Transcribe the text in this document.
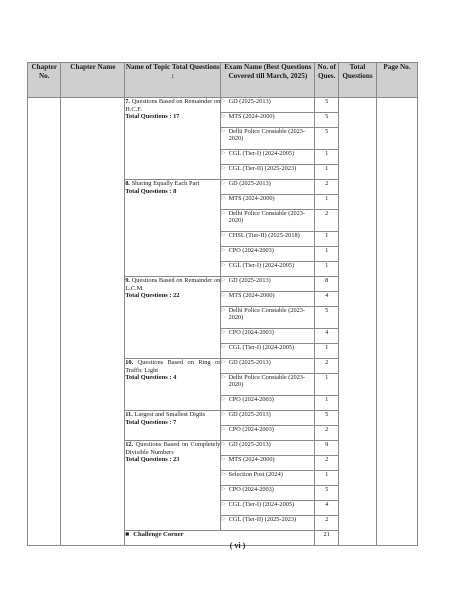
Chapter No.	Chapter Name	Name of Topic Total Questions :	Exam Name (Best Questions Covered till March, 2025)	No. of Ques.	Total Questions	Page No.
		7. Questions Based on Remainder on H.C.F.
Total Questions : 17	▷ GD (2025-2013)	5		

			▷ MTS (2024-2000)	5		

			▷ Delhi Police Constable (2023-2020)	5		

			▷ CGL (Tier-I) (2024-2005)	1		

			▷ CGL (Tier-II) (2025-2023)	1		
		8. Sharing Equally Each Part
Total Questions : 8	▷ GD (2025-2013)	2		

			▷ MTS (2024-2000)	1		

			▷ Delhi Police Constable (2023-2020)	2		

			▷ CHSL (Tier-II) (2025-2018)	1		

			▷ CPO (2024-2003)	1		

			▷ CGL (Tier-I) (2024-2005)	1		
		9. Questions Based on Remainder on L.C.M.
Total Questions : 22	▷ GD (2025-2013)	8		

			▷ MTS (2024-2000)	4		

			▷ Delhi Police Constable (2023-2020)	5		

			▷ CPO (2024-2003)	4		

			▷ CGL (Tier-I) (2024-2005)	1		
		10. Questions Based on Ring or Traffic Light
Total Questions : 4	▷ GD (2025-2013)	2		

			▷ Delhi Police Constable (2023-2020)	1		

			▷ CPO (2024-2003)	1		
		11. Largest and Smallest Digits
Total Questions : 7	▷ GD (2025-2013)	5		

			▷ CPO (2024-2003)	2		
		12. Questions Based on Completely Divisible Numbers
Total Questions : 23	▷ GD (2025-2013)	9		

			▷ MTS (2024-2000)	2		

			▷ Selection Post (2024)	1		

			▷ CPO (2024-2003)	5		

			▷ CGL (Tier-I) (2024-2005)	4		

			▷ CGL (Tier-II) (2025-2023)	2		
		■ Challenge Corner		21		
( vi )
